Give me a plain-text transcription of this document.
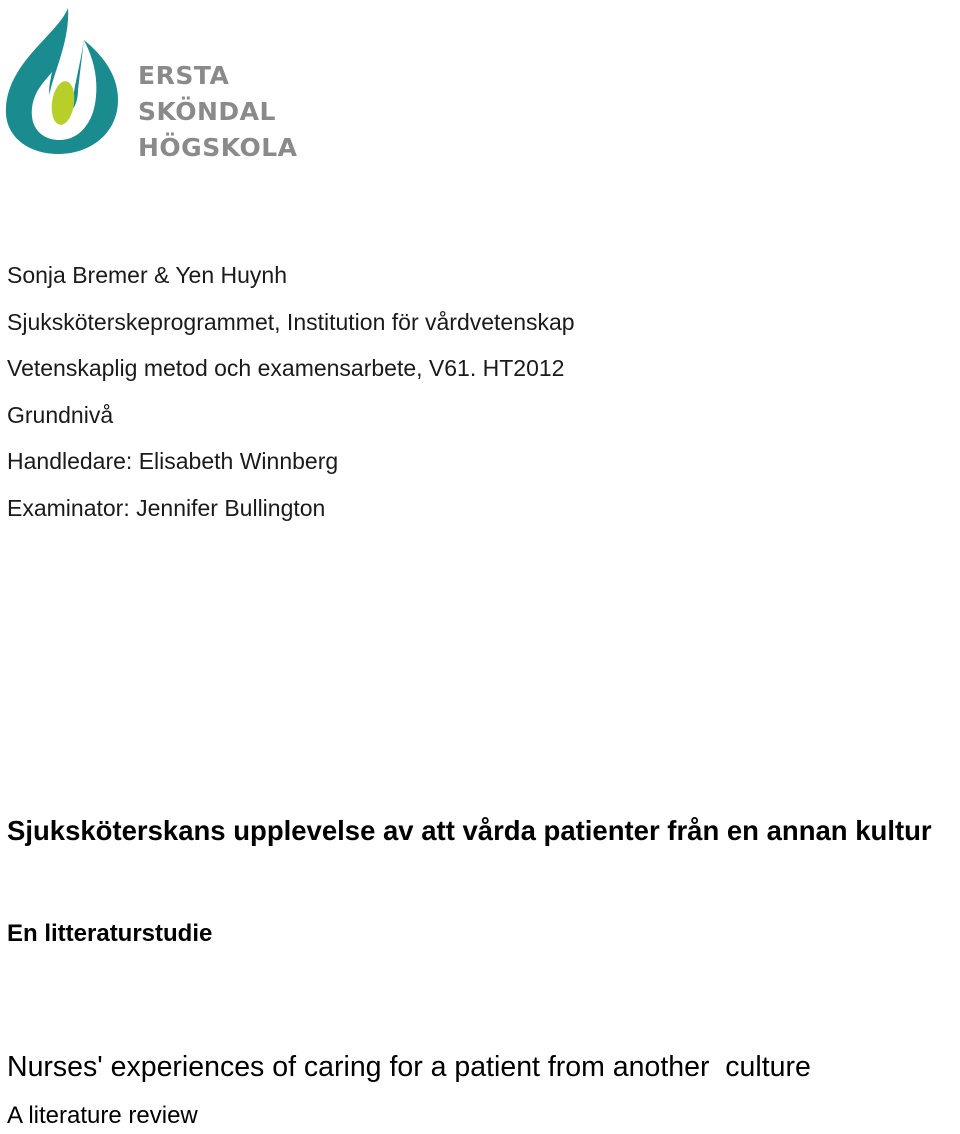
ERSTA
SKÖNDAL
HÖGSKOLA
Sonja Bremer & Yen Huynh
Sjuksköterskeprogrammet, Institution för vårdvetenskap
Vetenskaplig metod och examensarbete, V61. HT2012
Grundnivå
Handledare: Elisabeth Winnberg
Examinator: Jennifer Bullington
Sjuksköterskans upplevelse av att vårda patienter från en annan kultur
En litteraturstudie
Nurses' experiences of caring for a patient from another  culture

A literature review
